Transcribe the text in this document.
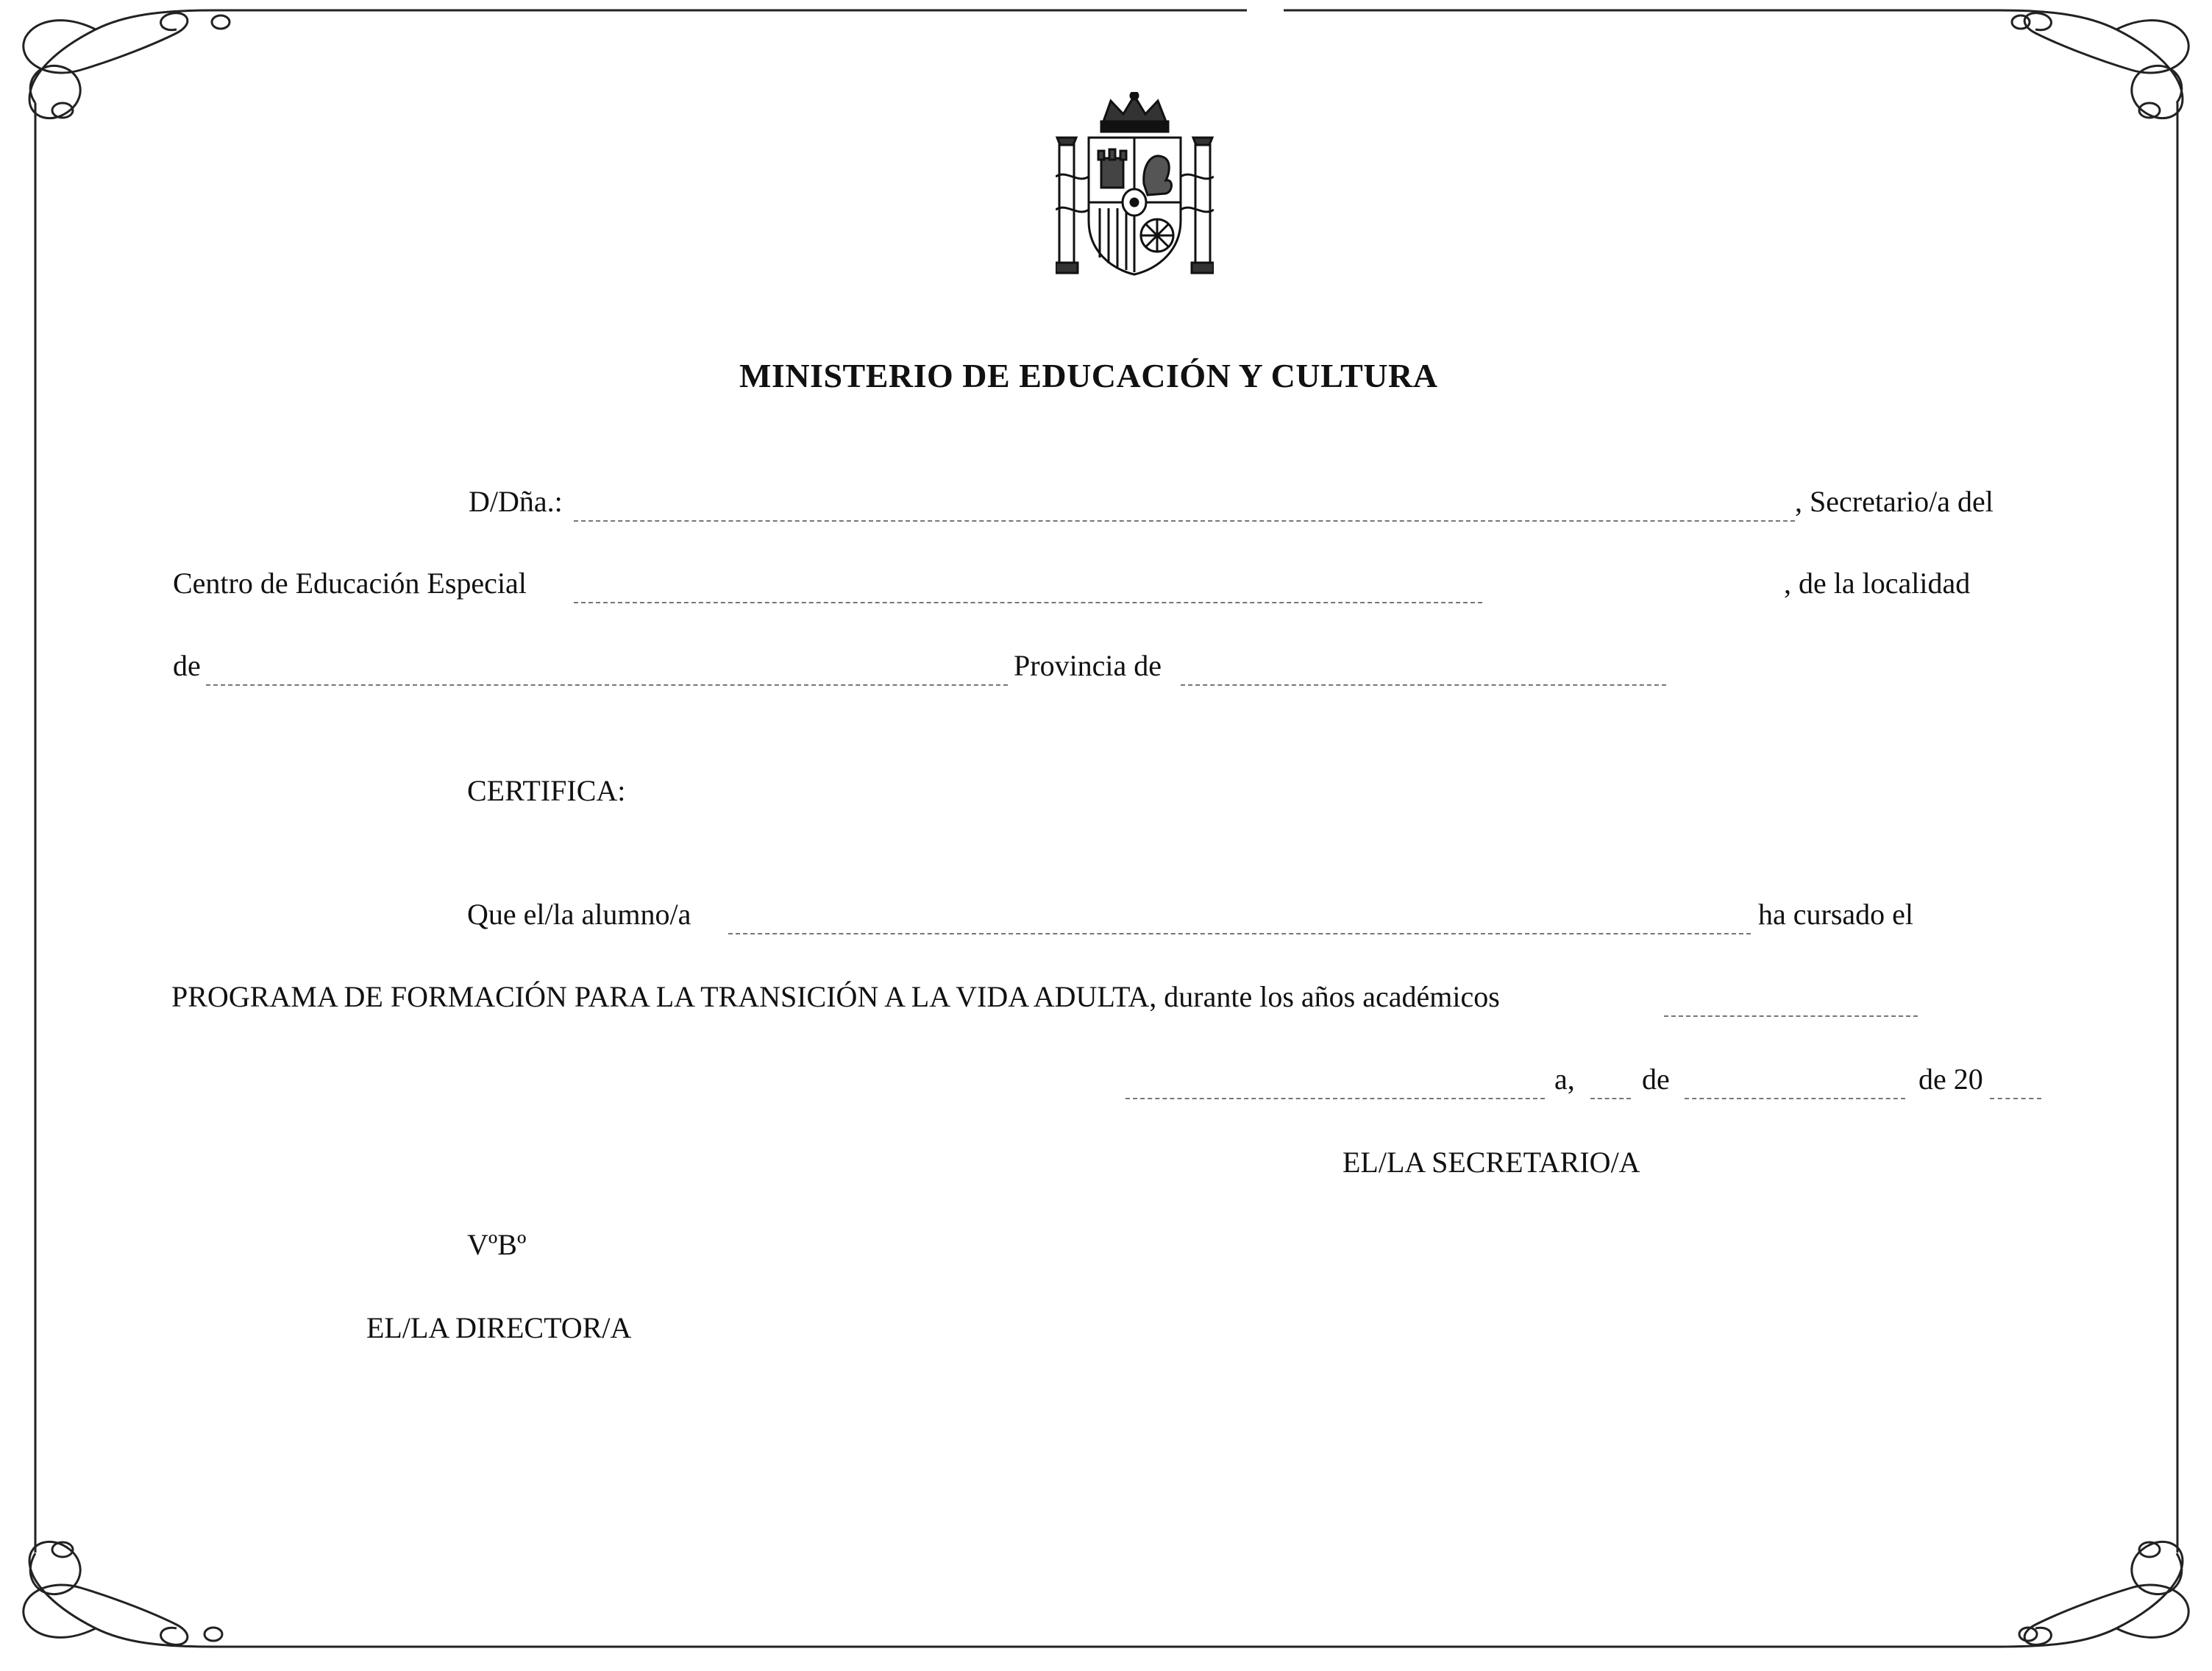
MINISTERIO DE EDUCACIÓN Y CULTURA
D/Dña.:	, Secretario/a del
Centro de Educación Especial	, de la localidad
de	Provincia de
CERTIFICA:
Que el/la alumno/a	ha cursado el
PROGRAMA DE FORMACIÓN PARA LA TRANSICIÓN A LA VIDA ADULTA, durante los años académicos
a, de	de 20
EL/LA SECRETARIO/A
VºBº
EL/LA DIRECTOR/A
